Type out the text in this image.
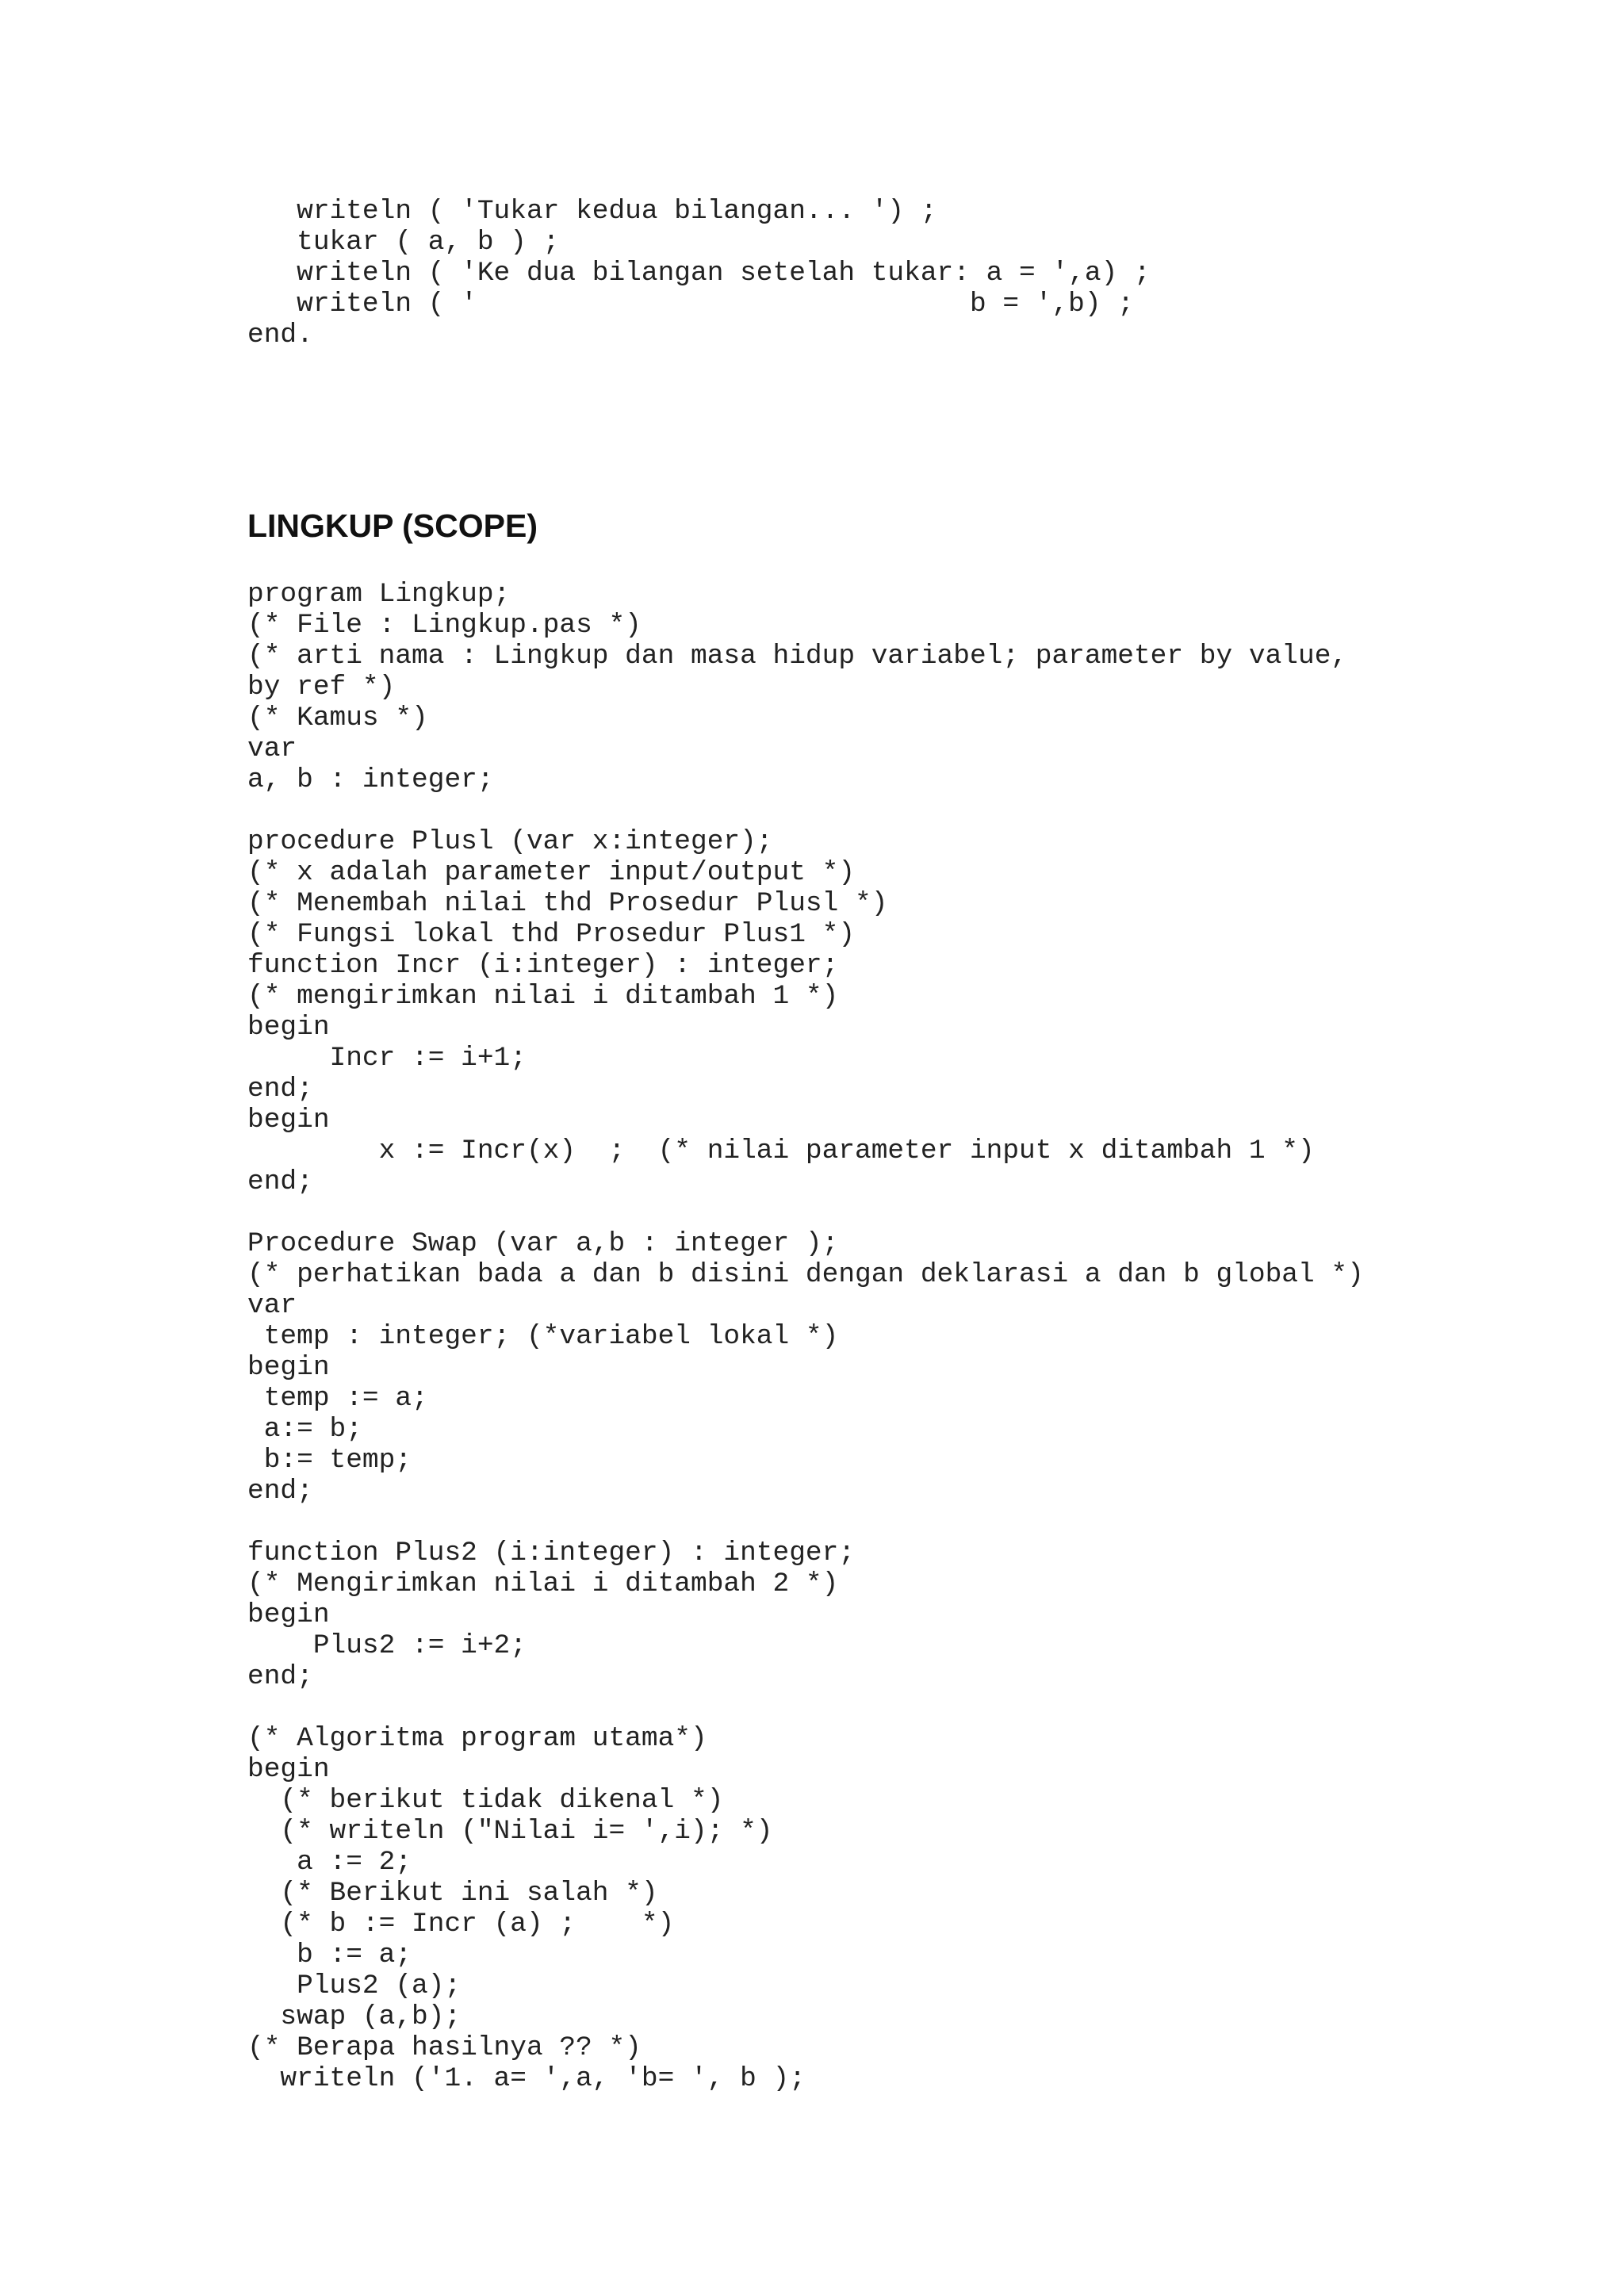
writeln ( 'Tukar kedua bilangan... ') ;
tukar ( a, b ) ;
writeln ( 'Ke dua bilangan setelah tukar: a = ',a) ;
writeln ( '                              b = ',b) ;
end.
LINGKUP (SCOPE)
program Lingkup;
(* File : Lingkup.pas *)
(* arti nama : Lingkup dan masa hidup variabel; parameter by value,
by ref *)
(* Kamus *)
var
a, b : integer;
procedure Plusl (var x:integer);
(* x adalah parameter input/output *)
(* Menembah nilai thd Prosedur Plusl *)
(* Fungsi lokal thd Prosedur Plus1 *)
function Incr (i:integer) : integer;
(* mengirimkan nilai i ditambah 1 *)
begin
Incr := i+1;
end;
begin
x := Incr(x)  ;  (* nilai parameter input x ditambah 1 *)
end;
Procedure Swap (var a,b : integer );
(* perhatikan bada a dan b disini dengan deklarasi a dan b global *)
var
temp : integer; (*variabel lokal *)
begin
temp := a;
a:= b;
b:= temp;
end;
function Plus2 (i:integer) : integer;
(* Mengirimkan nilai i ditambah 2 *)
begin
Plus2 := i+2;
end;
(* Algoritma program utama*)
begin
(* berikut tidak dikenal *)
(* writeln ("Nilai i= ',i); *)
a := 2;
(* Berikut ini salah *)
(* b := Incr (a) ;    *)
b := a;
Plus2 (a);
swap (a,b);
(* Berapa hasilnya ?? *)
writeln ('1. a= ',a, 'b= ', b );
